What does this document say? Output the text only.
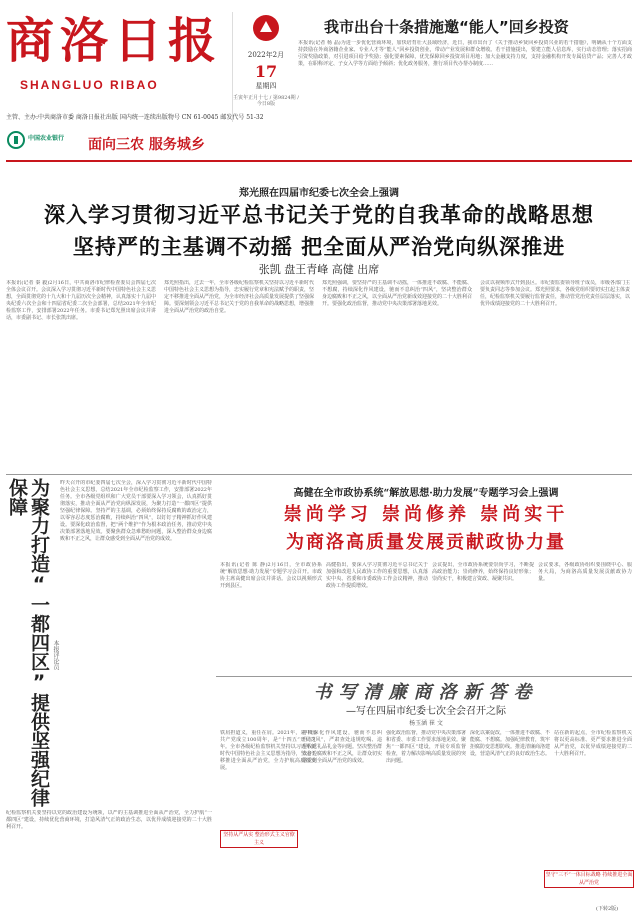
商洛日报
SHANGLUO RIBAO
主管、主办:中共商洛市委 商洛日报社出版 国内统一连续出版物号 CN 61-0045 邮发代号 51-32
中国农业银行 面向三农 服务城乡
2022年2月
17
星期四
壬寅年正月十七 / 第9824期 / 今日8版
我市出台十条措施邀“能人”回乡投资
本报讯(记者 杨 晶)为进一步优化营商环境，加快培育壮大县域经济，近日，我市出台了《关于推动乡贤回乡投资兴业的若干措施》，明确从十个方面支持鼓励在外商洛籍企业家、专业人才等“能人”回乡投资创业，带动产业发展和群众增收。若干措施提出，要建立能人信息库，实行动态管理；落实招商引资奖励政策，对引进项目给予奖励；强化要素保障，优先保障回乡投资项目用地；加大金融支持力度，支持金融机构开发专属信贷产品；完善人才政策，在职称评定、子女入学等方面给予倾斜；优化政务服务，推行项目代办帮办制度……
郑光照在四届市纪委七次全会上强调
深入学习贯彻习近平总书记关于党的自我革命的战略思想
坚持严的主基调不动摇 把全面从严治党向纵深推进
张凯 盘王青峰 高健 出席
本报讯(记者 秦 毅)2月16日，中共商洛市纪律检查委员会四届七次全体会议召开。会议深入学习贯彻习近平新时代中国特色社会主义思想，全面贯彻党的十九大和十九届历次全会精神，认真落实十九届中央纪委六次全会和十四届省纪委二次全会部署，总结2021年全市纪检监察工作，安排部署2022年任务。市委书记郑光照出席会议并讲话，市委副书记、市长张凯出席。
郑光照指出，过去一年，全市各级纪检监察机关坚持以习近平新时代中国特色社会主义思想为指导，忠实履行党章和宪法赋予的职责，坚定不移推进全面从严治党，为全市经济社会高质量发展提供了坚强保障。要深刻领会习近平总书记关于党的自我革命的战略思想，增强推进全面从严治党的政治自觉。
郑光照强调，要坚持严的主基调不动摇，一体推进不敢腐、不能腐、不想腐，持续深化作风建设，驰而不息纠治“四风”，坚决整治群众身边腐败和不正之风，以全面从严治党新成效迎接党的二十大胜利召开。要强化政治监督，推动党中央决策部署落地见效。
会议以视频形式开到县区。市纪委监委领导班子成员，市级各部门主要负责同志等参加会议。郑光照要求，各级党组织要切实扛起主体责任，纪检监察机关要履行监督责任，推动管党治党责任层层落实，以优异成绩迎接党的二十大胜利召开。
为聚力打造“一都四区”提供坚强纪律保障
本报评论员
昨天召开的市纪委四届七次全会，深入学习贯彻习近平新时代中国特色社会主义思想，总结2021年全市纪检监察工作，安排部署2022年任务。全市各级党组织和广大党员干部要深入学习领会，认真抓好贯彻落实，推动全面从严治党向纵深发展，为聚力打造“一都四区”提供坚强纪律保障。坚持严的主基调，必须始终保持反腐败的政治定力，以零容忍态度惩治腐败，持续纠治“四风”，以钉钉子精神抓好作风建设。要深化政治监督，把“两个维护”作为根本政治任务，推动党中央决策部署落地见效。要聚焦群众急难愁盼问题，深入整治群众身边腐败和不正之风，让群众感受到全面从严治党的成效。
纪检监察机关要坚持以党的政治建设为统领，以严的主基调推进全面从严治党，全力护航“一都四区”建设，持续优化营商环境，打造风清气正的政治生态，以优异成绩迎接党的二十大胜利召开。
高健在全市政协系统“解放思想·助力发展”专题学习会上强调
崇尚学习 崇尚修养 崇尚实干
为商洛高质量发展贡献政协力量
本报讯(记者 陈 静)2月16日，全市政协系统“解放思想·助力发展”专题学习会召开。市政协主席高健出席会议并讲话。会议以视频形式开到县区。
高健指出，要深入学习贯彻习近平总书记关于加强和改进人民政协工作的重要思想，认真落实中央、省委和市委政协工作会议精神，推动政协工作提质增效。
会议提出，全市政协系统要崇尚学习，不断提高政治能力；崇尚修养，始终保持良好形象；崇尚实干，积极建言资政、凝聚共识。
会议要求，各级政协组织要围绕中心、服务大局，为商洛高质量发展贡献政协力量。
书写清廉商洛新答卷
—写在四届市纪委七次全会召开之际
杨玉涵 崔 文
铁肩担道义，重任在肩。2021年，是中国共产党成立100周年，是“十四五”开局之年。全市各级纪检监察机关坚持以习近平新时代中国特色社会主义思想为指导，坚定不移推进全面从严治党，全力护航高质量发展。
持续深化作风建设，驰而不息纠治“四风”，严肃查处违规吃喝、违规收送礼品礼金等问题。坚决整治群众身边腐败和不正之风，让群众切实感受到全面从严治党的成效。
强化政治监督，推动党中央决策部署和省委、市委工作要求落地见效。聚焦“一都四区”建设，开展专项监督检查，着力解决影响高质量发展的突出问题。
深化以案促改，一体推进不敢腐、不能腐、不想腐。加强纪律教育，筑牢拒腐防变思想防线。推进清廉商洛建设，营造风清气正的良好政治生态。
站在新的起点，全市纪检监察机关将以更高标准、更严要求推进全面从严治党，以优异成绩迎接党的二十大胜利召开。
坚持从严从实 整治形式主义官僚主义
坚守“三不”一体目标战略 持续推进全面从严治党
(下转2版)
